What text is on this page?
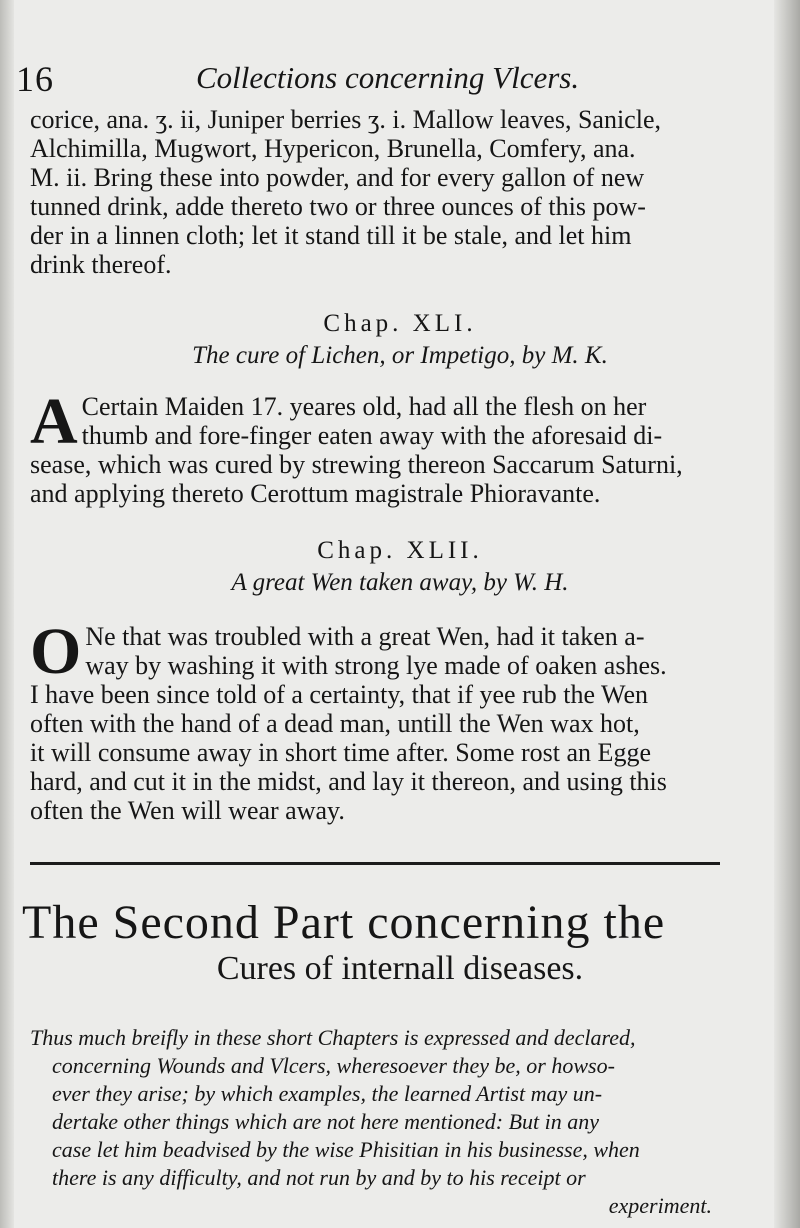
16	Collections concerning Vlcers.
corice, ana. ʒ. ii, Juniper berries ʒ. i. Mallow leaves, Sanicle,
Alchimilla, Mugwort, Hypericon, Brunella, Comfery, ana.
M. ii. Bring these into powder, and for every gallon of new
tunned drink, adde thereto two or three ounces of this pow-
der in a linnen cloth; let it stand till it be stale, and let him
drink thereof.
Chap. XLI.
The cure of Lichen, or Impetigo, by M. K.
A Certain Maiden 17. yeares old, had all the flesh on her
thumb and fore-finger eaten away with the aforesaid di-
sease, which was cured by strewing thereon Saccarum Saturni,
and applying thereto Cerottum magistrale Phioravante.
Chap. XLII.
A great Wen taken away, by W. H.
O Ne that was troubled with a great Wen, had it taken a-
way by washing it with strong lye made of oaken ashes.
I have been since told of a certainty, that if yee rub the Wen
often with the hand of a dead man, untill the Wen wax hot,
it will consume away in short time after. Some rost an Egge
hard, and cut it in the midst, and lay it thereon, and using this
often the Wen will wear away.
The Second Part concerning the
Cures of internall diseases.
Thus much breifly in these short Chapters is expressed and declared,
concerning Wounds and Vlcers, wheresoever they be, or howso-
ever they arise; by which examples, the learned Artist may un-
dertake other things which are not here mentioned: But in any
case let him beadvised by the wise Phisitian in his businesse, when
there is any difficulty, and not run by and by to his receipt or
experiment.
